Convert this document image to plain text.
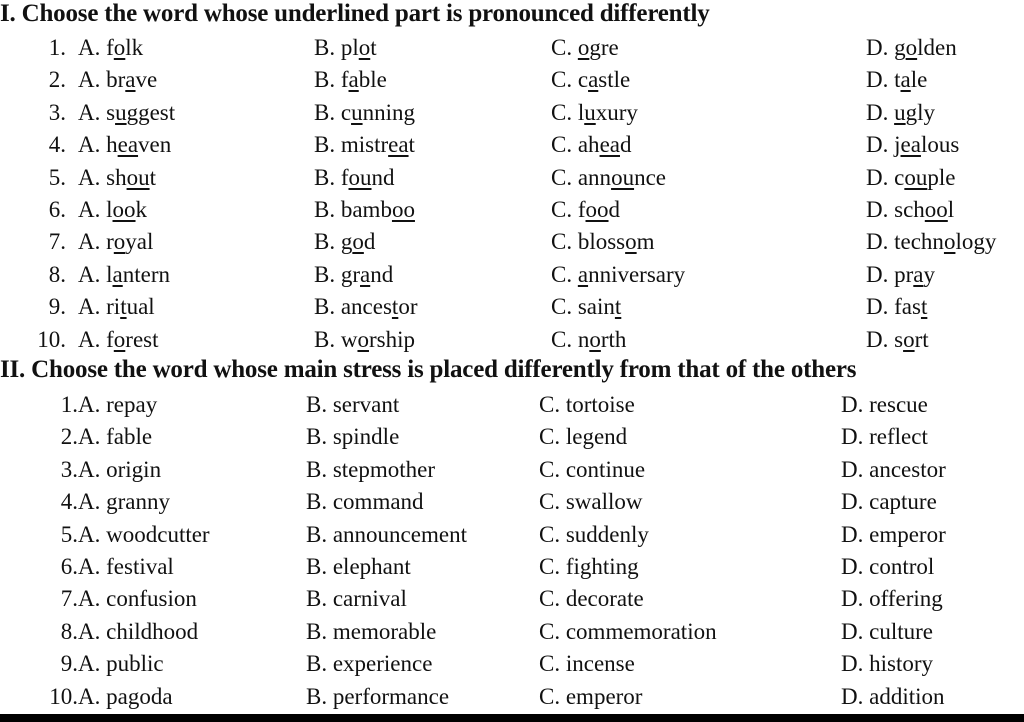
I. Choose the word whose underlined part is pronounced differently
1. A. folk	B. plot	C. ogre	D. golden
2. A. brave	B. fable	C. castle	D. tale
3. A. suggest	B. cunning	C. luxury	D. ugly
4. A. heaven	B. mistreat	C. ahead	D. jealous
5. A. shout	B. found	C. announce	D. couple
6. A. look	B. bamboo	C. food	D. school
7. A. royal	B. god	C. blossom	D. technology
8. A. lantern	B. grand	C. anniversary	D. pray
9. A. ritual	B. ancestor	C. saint	D. fast
10. A. forest	B. worship	C. north	D. sort
II. Choose the word whose main stress is placed differently from that of the others
1. A. repay	B. servant	C. tortoise	D. rescue
2. A. fable	B. spindle	C. legend	D. reflect
3. A. origin	B. stepmother	C. continue	D. ancestor
4. A. granny	B. command	C. swallow	D. capture
5. A. woodcutter	B. announcement	C. suddenly	D. emperor
6. A. festival	B. elephant	C. fighting	D. control
7. A. confusion	B. carnival	C. decorate	D. offering
8. A. childhood	B. memorable	C. commemoration	D. culture
9. A. public	B. experience	C. incense	D. history
10. A. pagoda	B. performance	C. emperor	D. addition
